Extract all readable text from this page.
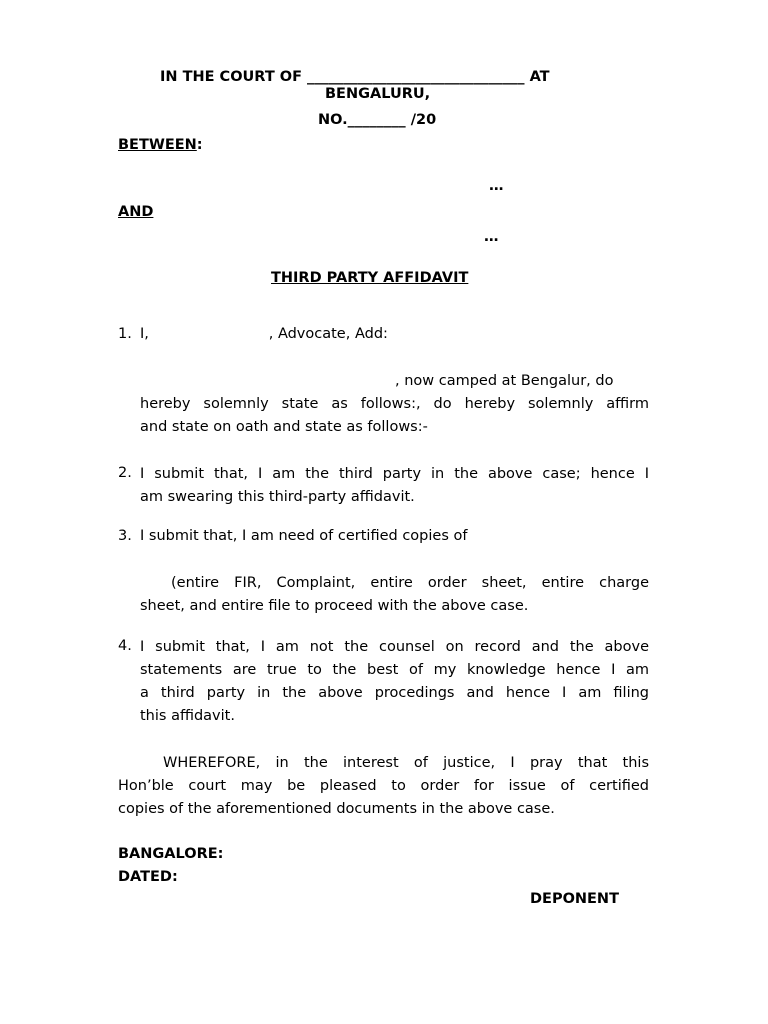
IN THE COURT OF ______________________________ AT
BENGALURU,
NO.________ /20
BETWEEN:
…
AND
…
THIRD PARTY AFFIDAVIT
1. I,                          , Advocate, Add:
, now camped at Bengalur, do
hereby solemnly state as follows:, do hereby solemnly affirm
and state on oath and state as follows:-
2. I submit that, I am the third party in the above case; hence I
am swearing this third-party affidavit.
3. I submit that, I am need of certified copies of
(entire FIR, Complaint, entire order sheet, entire charge
sheet, and entire file to proceed with the above case.
4. I submit that, I am not the counsel on record and the above
statements are true to the best of my knowledge hence I am
a third party in the above procedings and hence I am filing
this affidavit.
WHEREFORE, in the interest of justice, I pray that this
Hon’ble court may be pleased to order for issue of certified
copies of the aforementioned documents in the above case.
BANGALORE:
DATED:
DEPONENT
